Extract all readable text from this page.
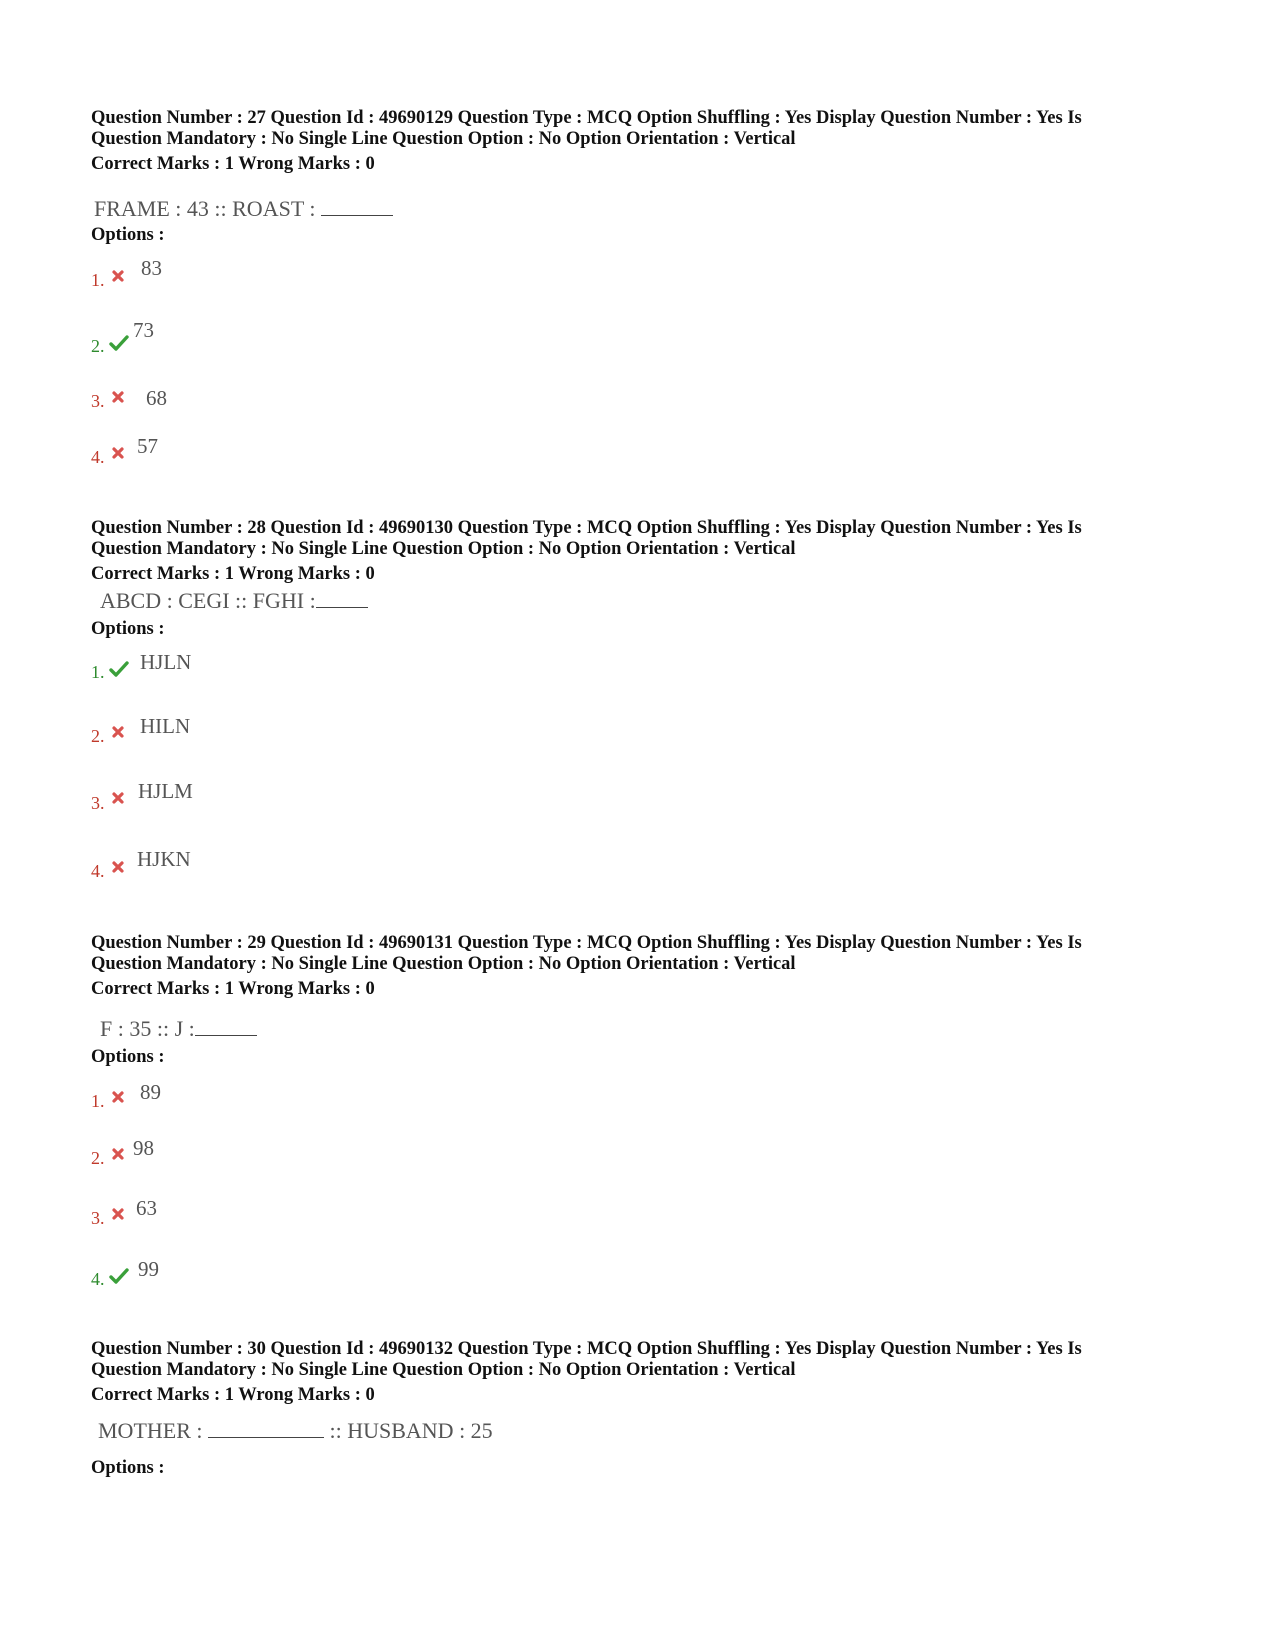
Question Number : 27 Question Id : 49690129 Question Type : MCQ Option Shuffling : Yes Display Question Number : Yes Is
Question Mandatory : No Single Line Question Option : No Option Orientation : Vertical
Correct Marks : 1 Wrong Marks : 0
FRAME : 43 :: ROAST :
Options :
1. 83
2.
73
3. 68
4. 57
Question Number : 28 Question Id : 49690130 Question Type : MCQ Option Shuffling : Yes Display Question Number : Yes Is
Question Mandatory : No Single Line Question Option : No Option Orientation : Vertical
Correct Marks : 1 Wrong Marks : 0
ABCD : CEGI :: FGHI :
Options :
1. HJLN
2. HILN
3. HJLM
4. HJKN
Question Number : 29 Question Id : 49690131 Question Type : MCQ Option Shuffling : Yes Display Question Number : Yes Is
Question Mandatory : No Single Line Question Option : No Option Orientation : Vertical
Correct Marks : 1 Wrong Marks : 0
F : 35 :: J :
Options :
1. 89
2. 98
3. 63
4. 99
Question Number : 30 Question Id : 49690132 Question Type : MCQ Option Shuffling : Yes Display Question Number : Yes Is
Question Mandatory : No Single Line Question Option : No Option Orientation : Vertical
Correct Marks : 1 Wrong Marks : 0
MOTHER :	:: HUSBAND : 25
Options :
